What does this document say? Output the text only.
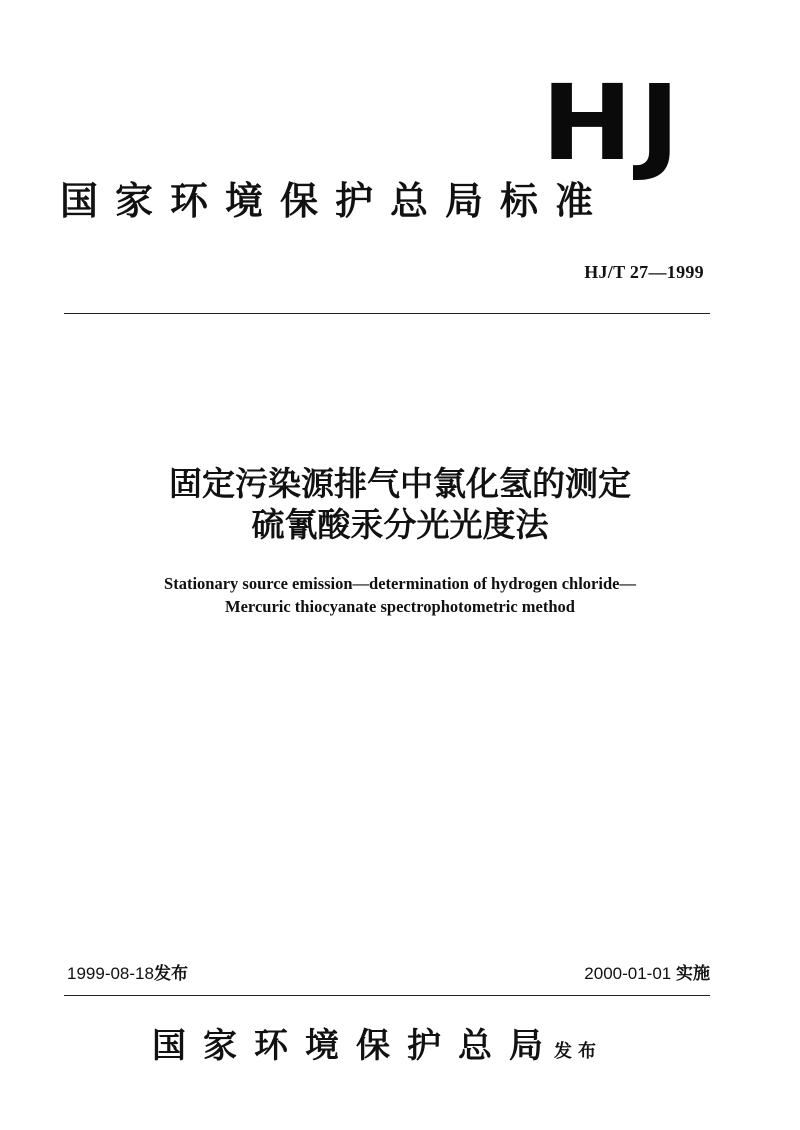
HJ
国家环境保护总局标准
HJ/T 27—1999
固定污染源排气中氯化氢的测定
硫氰酸汞分光光度法
Stationary source emission—determination of hydrogen chloride—
Mercuric thiocyanate spectrophotometric method
1999-08-18发布	2000-01-01 实施
国家环境保护总局发布
